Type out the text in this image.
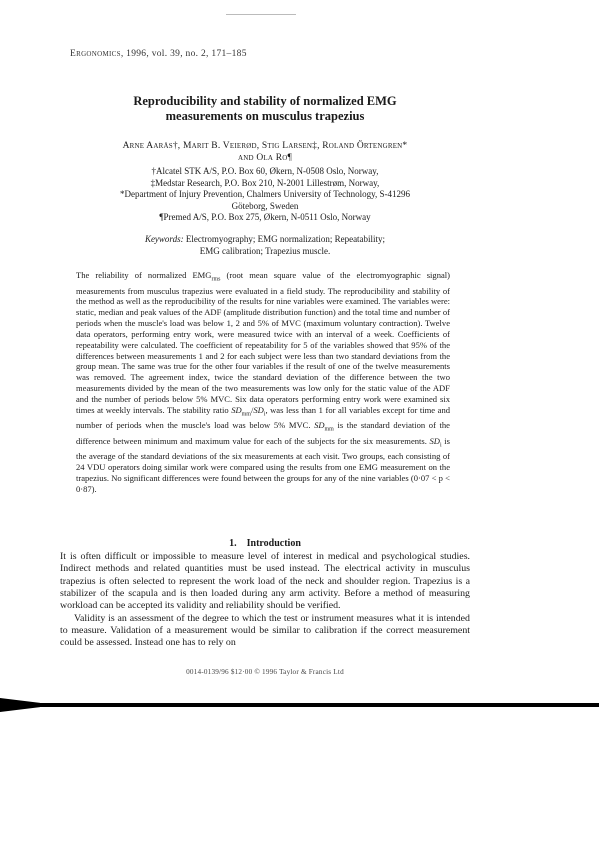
Ergonomics, 1996, vol. 39, no. 2, 171–185
Reproducibility and stability of normalized EMG
measurements on musculus trapezius
Arne Aarås†, Marit B. Veierød, Stig Larsen‡, Roland Örtengren*
and Ola Ro¶
†Alcatel STK A/S, P.O. Box 60, Økern, N-0508 Oslo, Norway,
‡Medstar Research, P.O. Box 210, N-2001 Lillestrøm, Norway,
*Department of Injury Prevention, Chalmers University of Technology, S-41296
Göteborg, Sweden
¶Premed A/S, P.O. Box 275, Økern, N-0511 Oslo, Norway
Keywords: Electromyography; EMG normalization; Repeatability;
EMG calibration; Trapezius muscle.
The reliability of normalized $EMG_{rms}$ (root mean square value of the electromyographic signal) measurements from musculus trapezius were evaluated in a field study. The reproducibility and stability of the method as well as the reproducibility of the results for nine variables were examined. The variables were: static, median and peak values of the ADF (amplitude distribution function) and the total time and number of periods when the muscle's load was below 1, 2 and 5% of MVC (maximum voluntary contraction). Twelve data operators, performing entry work, were measured twice with an interval of a week. Coefficients of repeatability were calculated. The coefficient of repeatability for 5 of the variables showed that 95% of the differences between measurements 1 and 2 for each subject were less than two standard deviations from the group mean. The same was true for the other four variables if the result of one of the twelve measurements was removed. The agreement index, twice the standard deviation of the difference between the two measurements divided by the mean of the two measurements was low only for the static value of the ADF and the number of periods below 5% MVC. Six data operators performing entry work were examined six times at weekly intervals. The stability ratio $SD_{mm}/SD_i$, was less than 1 for all variables except for time and number of periods when the muscle's load was below 5% MVC. $SD_{mm}$ is the standard deviation of the difference between minimum and maximum value for each of the subjects for the six measurements. $SD_i$ is the average of the standard deviations of the six measurements at each visit. Two groups, each consisting of 24 VDU operators doing similar work were compared using the results from one EMG measurement on the trapezius. No significant differences were found between the groups for any of the nine variables (0·07 < p < 0·87).
1. Introduction

It is often difficult or impossible to measure level of interest in medical and psychological studies. Indirect methods and related quantities must be used instead. The electrical activity in musculus trapezius is often selected to represent the work load of the neck and shoulder region. Trapezius is a stabilizer of the scapula and is then loaded during any arm activity. Before a method of measuring workload can be accepted its validity and reliability should be verified.

Validity is an assessment of the degree to which the test or instrument measures what it is intended to measure. Validation of a measurement would be similar to calibration if the correct measurement could be assessed. Instead one has to rely on

0014-0139/96 $12·00 © 1996 Taylor & Francis Ltd
